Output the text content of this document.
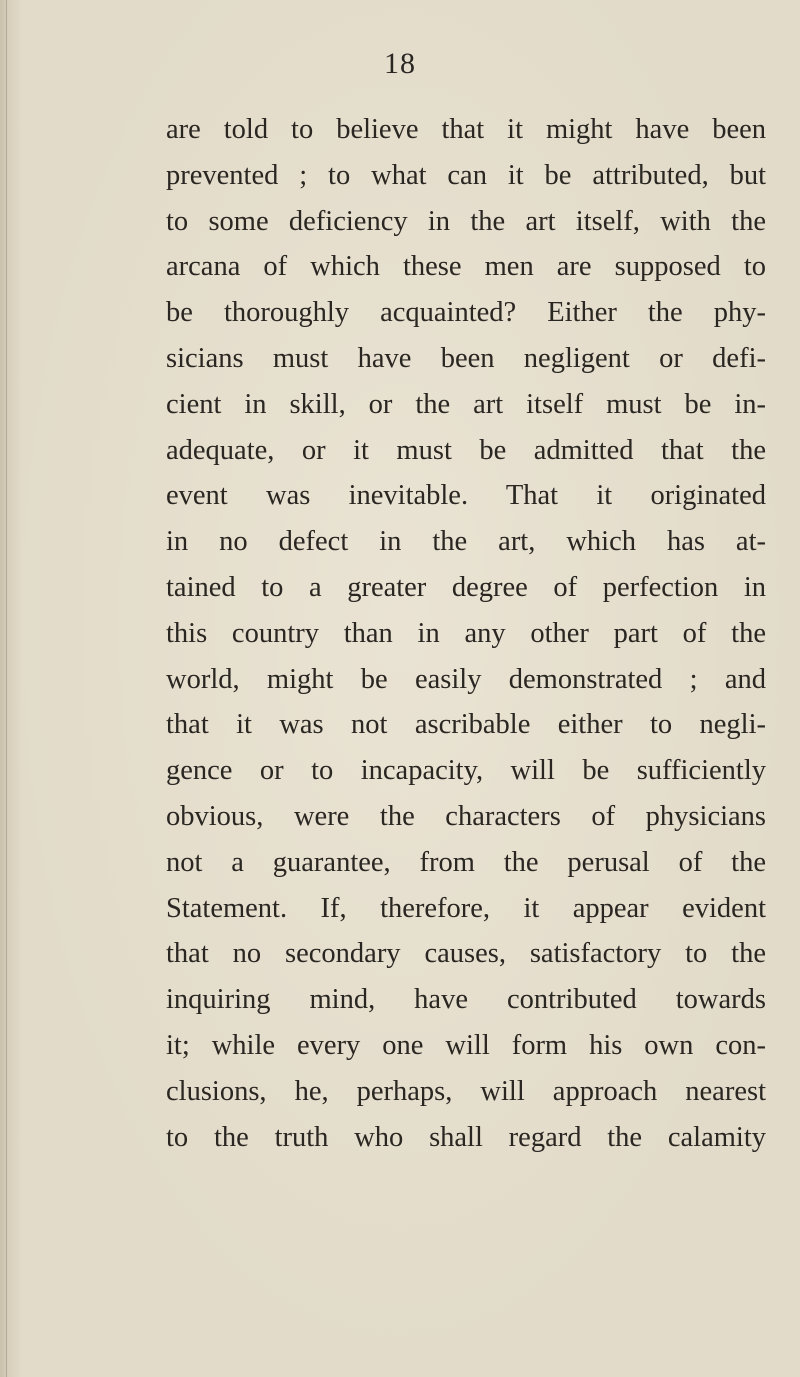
18
are told to believe that it might have been
prevented ; to what can it be attributed, but
to some deficiency in the art itself, with the
arcana of which these men are supposed to
be thoroughly acquainted? Either the phy-
sicians must have been negligent or defi-
cient in skill, or the art itself must be in-
adequate, or it must be admitted that the
event was inevitable. That it originated
in no defect in the art, which has at-
tained to a greater degree of perfection in
this country than in any other part of the
world, might be easily demonstrated ; and
that it was not ascribable either to negli-
gence or to incapacity, will be sufficiently
obvious, were the characters of physicians
not a guarantee, from the perusal of the
Statement. If, therefore, it appear evident
that no secondary causes, satisfactory to the
inquiring mind, have contributed towards
it; while every one will form his own con-
clusions, he, perhaps, will approach nearest
to the truth who shall regard the calamity
